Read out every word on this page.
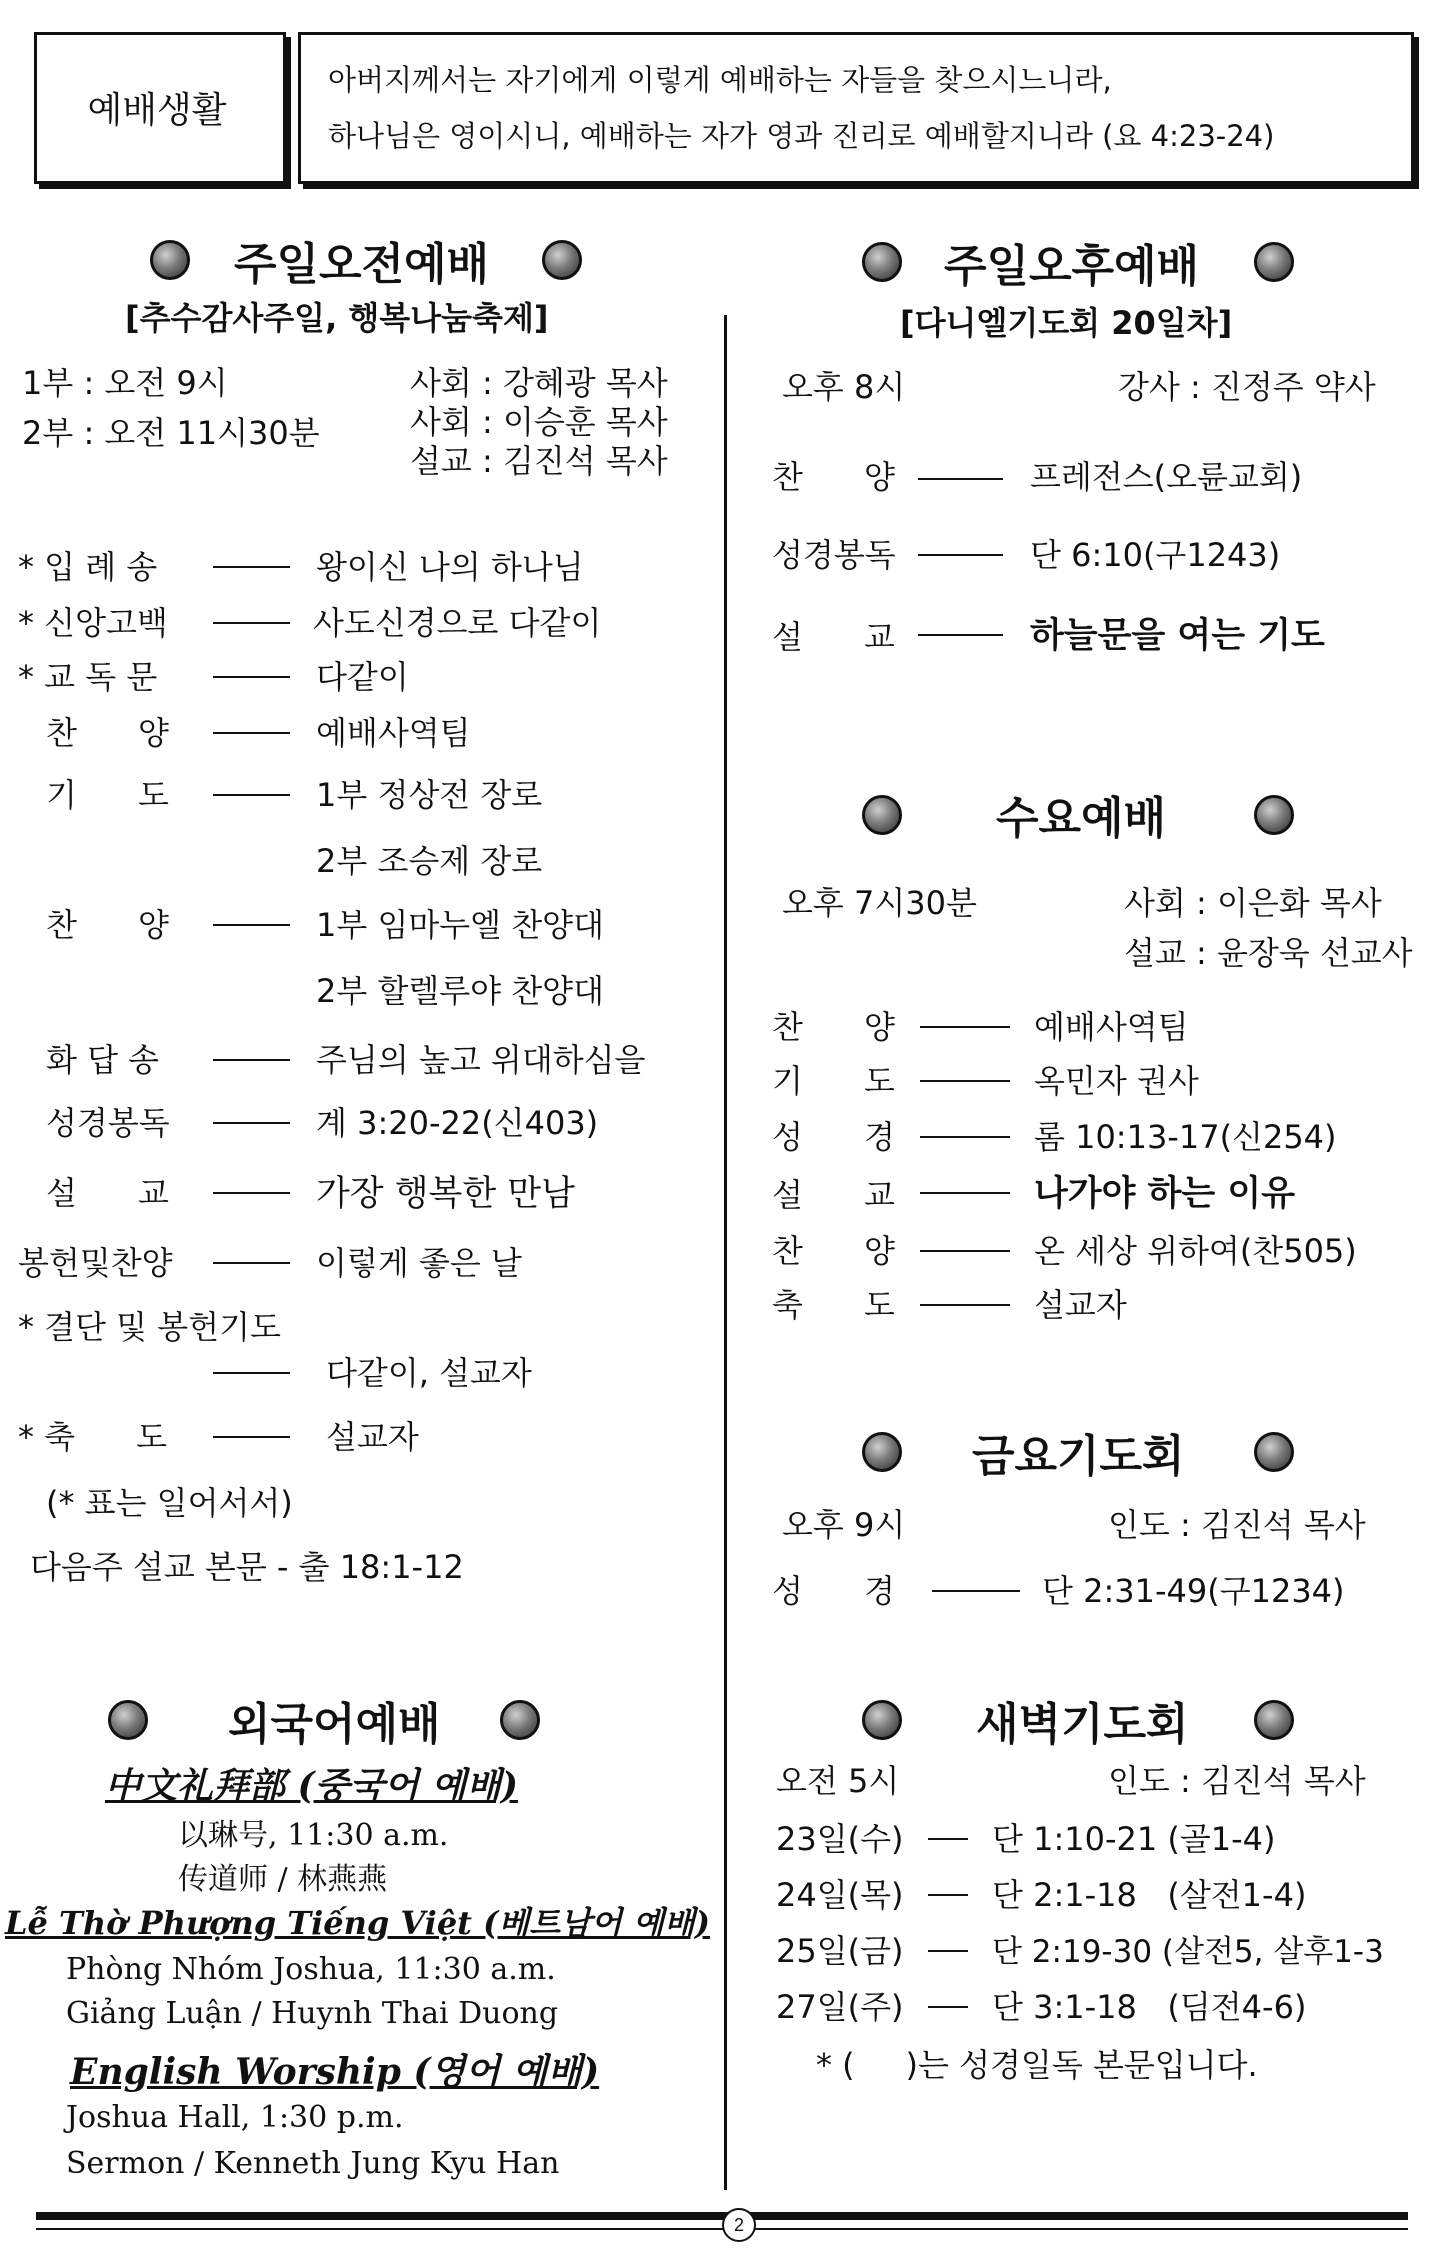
예배생활
아버지께서는 자기에게 이렇게 예배하는 자들을 찾으시느니라,
하나님은 영이시니, 예배하는 자가 영과 진리로 예배할지니라 (요 4:23-24)
주일오전예배
[추수감사주일, 행복나눔축제]
1부 : 오전 9시
2부 : 오전 11시30분
사회 : 강혜광 목사
사회 : 이승훈 목사
설교 : 김진석 목사
* 입 례 송	왕이신 나의 하나님
* 신앙고백	사도신경으로 다같이
* 교 독 문	다같이
찬      양	예배사역팀
기      도	1부 정상전 장로
2부 조승제 장로
찬      양	1부 임마누엘 찬양대
2부 할렐루야 찬양대
화 답 송	주님의 높고 위대하심을
성경봉독	계 3:20-22(신403)
설      교	가장 행복한 만남
봉헌및찬양	이렇게 좋은 날
* 결단 및 봉헌기도
다같이, 설교자
* 축      도	설교자
(* 표는 일어서서)
다음주 설교 본문 - 출 18:1-12
외국어예배
中文礼拜部 (중국어 예배)
以琳号, 11:30 a.m.
传道师 / 林燕燕
Lễ Thờ Phượng Tiếng Việt (베트남어 예배)
Phòng Nhóm Joshua, 11:30 a.m.
Giảng Luận / Huynh Thai Duong
English Worship (영어 예배)
Joshua Hall, 1:30 p.m.
Sermon / Kenneth Jung Kyu Han
주일오후예배
[다니엘기도회 20일차]
오후 8시	강사 : 진정주 약사
찬      양	프레전스(오륜교회)
성경봉독	단 6:10(구1243)
설      교	하늘문을 여는 기도
수요예배
오후 7시30분	사회 : 이은화 목사
설교 : 윤장욱 선교사
찬      양	예배사역팀
기      도	옥민자 권사
성      경	롬 10:13-17(신254)
설      교	나가야 하는 이유
찬      양	온 세상 위하여(찬505)
축      도	설교자
금요기도회
오후 9시	인도 : 김진석 목사
성      경	단 2:31-49(구1234)
새벽기도회
오전 5시	인도 : 김진석 목사
23일(수)	단 1:10-21 (골1-4)
24일(목)	단 2:1-18   (살전1-4)
25일(금)	단 2:19-30 (살전5, 살후1-3
27일(주)	단 3:1-18   (딤전4-6)
* (     )는 성경일독 본문입니다.
2
